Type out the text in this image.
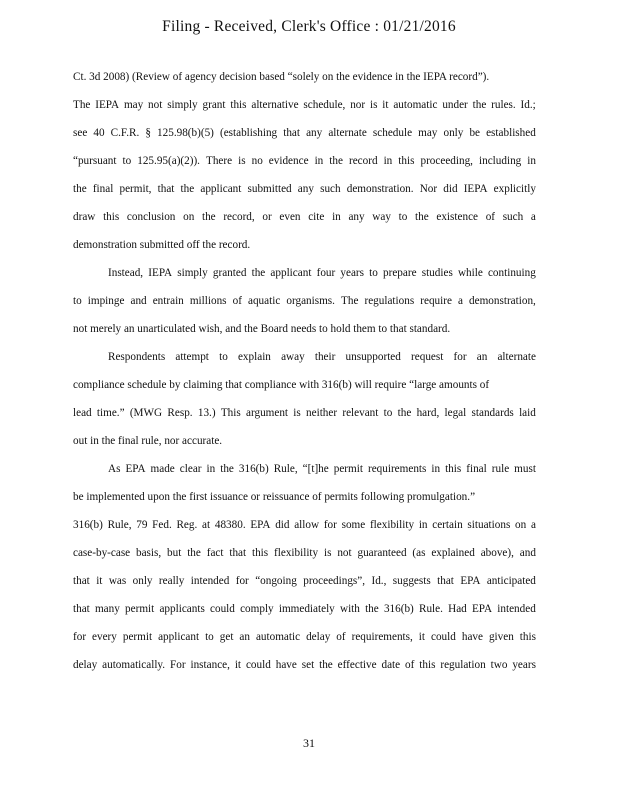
Filing - Received, Clerk's Office : 01/21/2016
Ct. 3d 2008) (Review of agency decision based “solely on the evidence in the IEPA record”).
The IEPA may not simply grant this alternative schedule, nor is it automatic under the rules. Id.;
see 40 C.F.R. § 125.98(b)(5) (establishing that any alternate schedule may only be established
“pursuant to 125.95(a)(2)). There is no evidence in the record in this proceeding, including in
the final permit, that the applicant submitted any such demonstration. Nor did IEPA explicitly
draw this conclusion on the record, or even cite in any way to the existence of such a
demonstration submitted off the record.
Instead, IEPA simply granted the applicant four years to prepare studies while continuing
to impinge and entrain millions of aquatic organisms. The regulations require a demonstration,
not merely an unarticulated wish, and the Board needs to hold them to that standard.
Respondents attempt to explain away their unsupported request for an alternate
compliance schedule by claiming that compliance with 316(b) will require “large amounts of
lead time.” (MWG Resp. 13.) This argument is neither relevant to the hard, legal standards laid
out in the final rule, nor accurate.
As EPA made clear in the 316(b) Rule, “[t]he permit requirements in this final rule must
be implemented upon the first issuance or reissuance of permits following promulgation.”
316(b) Rule, 79 Fed. Reg. at 48380. EPA did allow for some flexibility in certain situations on a
case-by-case basis, but the fact that this flexibility is not guaranteed (as explained above), and
that it was only really intended for “ongoing proceedings”, Id., suggests that EPA anticipated
that many permit applicants could comply immediately with the 316(b) Rule. Had EPA intended
for every permit applicant to get an automatic delay of requirements, it could have given this
delay automatically. For instance, it could have set the effective date of this regulation two years
31
